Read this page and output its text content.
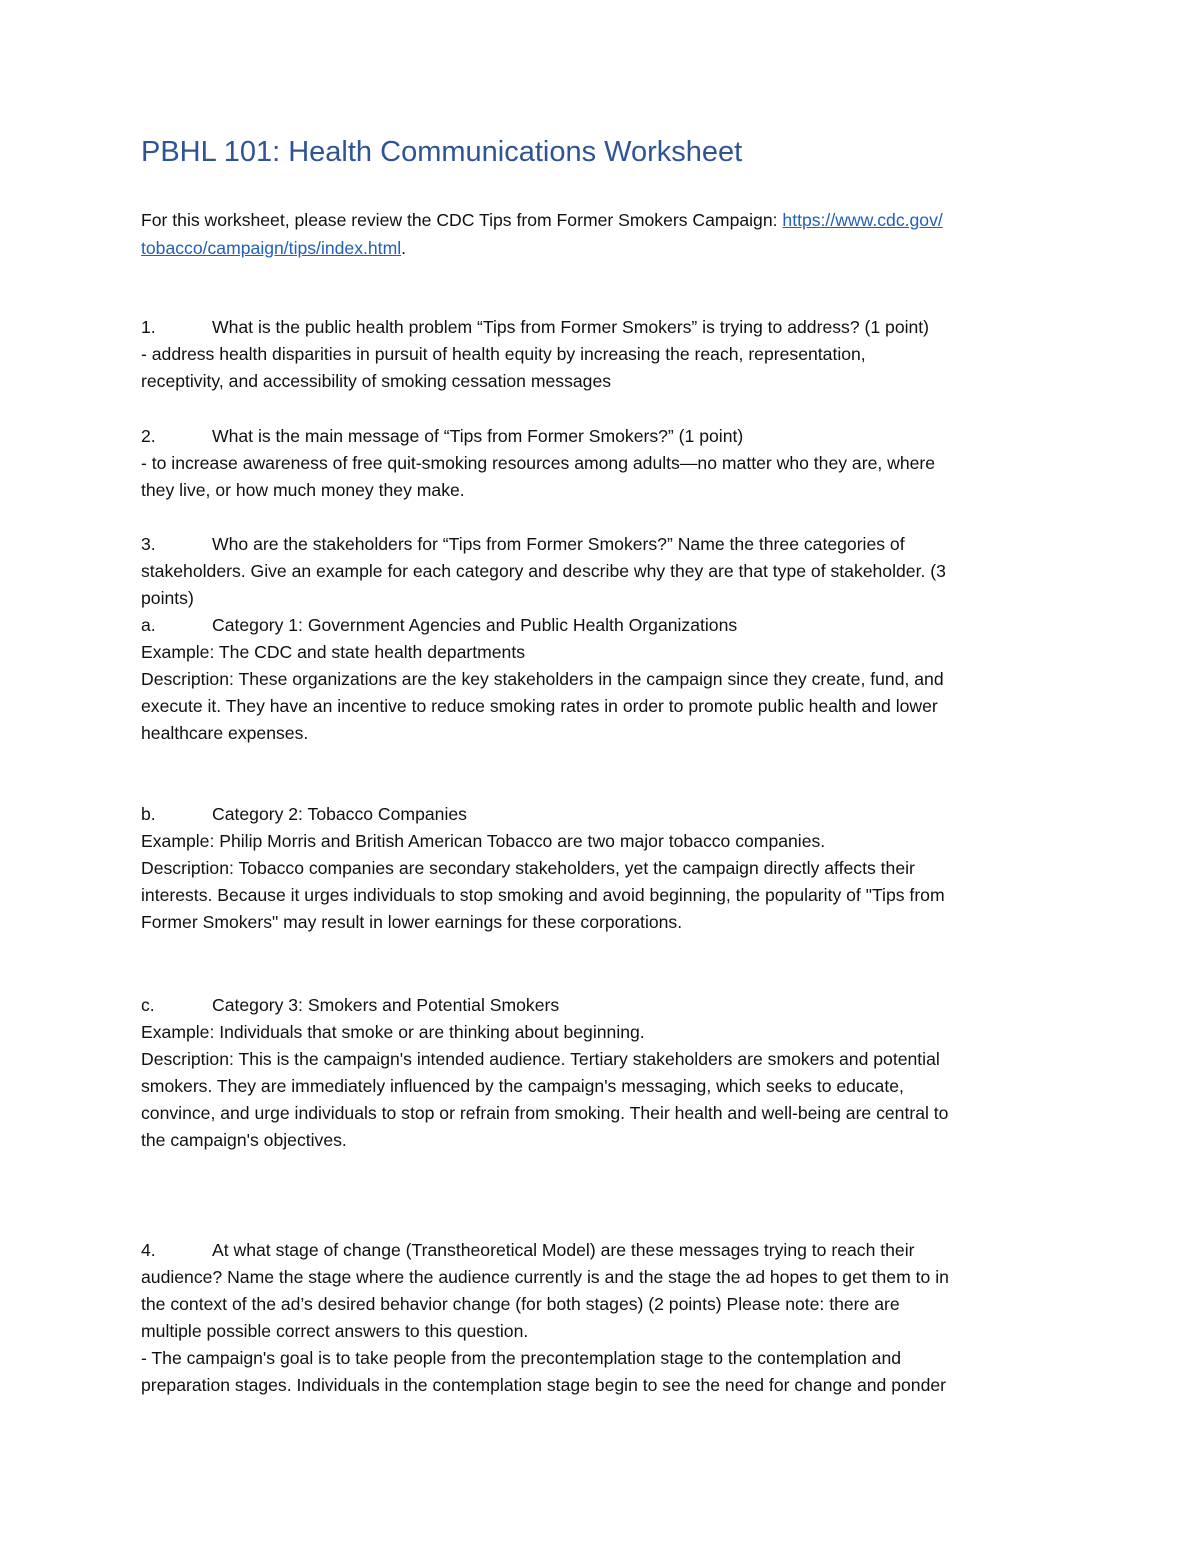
PBHL 101: Health Communications Worksheet

For this worksheet, please review the CDC Tips from Former Smokers Campaign: https://www.cdc.gov/

tobacco/campaign/tips/index.html.

1.	What is the public health problem “Tips from Former Smokers” is trying to address? (1 point)

- address health disparities in pursuit of health equity by increasing the reach, representation,

receptivity, and accessibility of smoking cessation messages

2.	What is the main message of “Tips from Former Smokers?” (1 point)

- to increase awareness of free quit-smoking resources among adults—no matter who they are, where

they live, or how much money they make.

3.	Who are the stakeholders for “Tips from Former Smokers?” Name the three categories of

stakeholders. Give an example for each category and describe why they are that type of stakeholder. (3

points)

a.	Category 1: Government Agencies and Public Health Organizations

Example: The CDC and state health departments

Description: These organizations are the key stakeholders in the campaign since they create, fund, and

execute it. They have an incentive to reduce smoking rates in order to promote public health and lower

healthcare expenses.

b.	Category 2: Tobacco Companies

Example: Philip Morris and British American Tobacco are two major tobacco companies.

Description: Tobacco companies are secondary stakeholders, yet the campaign directly affects their

interests. Because it urges individuals to stop smoking and avoid beginning, the popularity of "Tips from

Former Smokers" may result in lower earnings for these corporations.

c.	Category 3: Smokers and Potential Smokers

Example: Individuals that smoke or are thinking about beginning.

Description: This is the campaign's intended audience. Tertiary stakeholders are smokers and potential

smokers. They are immediately influenced by the campaign's messaging, which seeks to educate,

convince, and urge individuals to stop or refrain from smoking. Their health and well-being are central to

the campaign's objectives.

4.	At what stage of change (Transtheoretical Model) are these messages trying to reach their

audience? Name the stage where the audience currently is and the stage the ad hopes to get them to in

the context of the ad’s desired behavior change (for both stages) (2 points) Please note: there are

multiple possible correct answers to this question.

- The campaign's goal is to take people from the precontemplation stage to the contemplation and

preparation stages. Individuals in the contemplation stage begin to see the need for change and ponder
